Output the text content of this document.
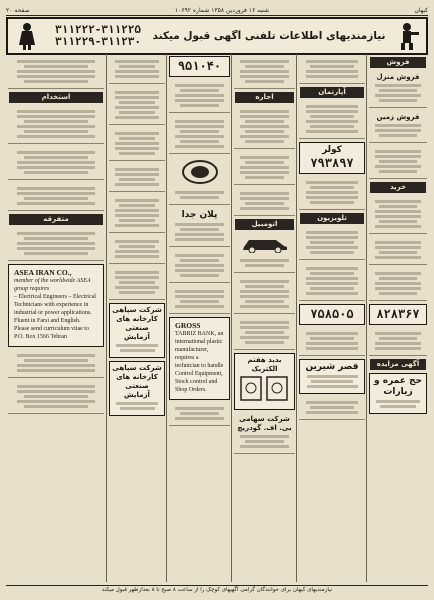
صفحه ۲۰	شنبه ۱۶ فروردین ۱۳۵۸ شماره ۱۰۶۹۲	کیهان
نیازمندیهای اطلاعات تلفنی آگهی قبول میکند
۳۱۱۲۲۲-۳۱۱۲۲۵
۳۱۱۲۲۹-۳۱۱۲۳۰
فروش
فروش منزل
فروش زمین
خرید
۸۲۸۳۶۷
آگهی مزایده
حج عمره و زیارات
آپارتمان
کولر
۷۹۳۸۹۷
تلویزیون
۷۵۸۵۰۵
قصر شیرین
اجاره
اتومبیل
بدید هفتم الکتریک
شرکت سهامی بی. اف. گودریچ
۹۵۱۰۴۰
پلان جدا
GROSS
TABRIZ BANK, an international plastic manufacturer, requires a technician to handle Control Equipment, Stock control and Shop Orders.
شرکت سپاهی کارخانه های صنعتی آزمایش
شرکت سپاهی کارخانه های صنعتی آزمایش
استخدام
متفرقه
ASEA IRAN CO.,
member of the worldwide ASEA group requires
– Electrical Engineers – Electrical Technicians with experience in industrial or power applications. Fluent in Farsi and English.
Please send curriculum vitae to P.O. Box 1566 Tehran
نیازمندیهای کیهان برای خوانندگان گرامی آگهیهای کوچک را از ساعت ۸ صبح تا ۸ بعدازظهر قبول میکند
